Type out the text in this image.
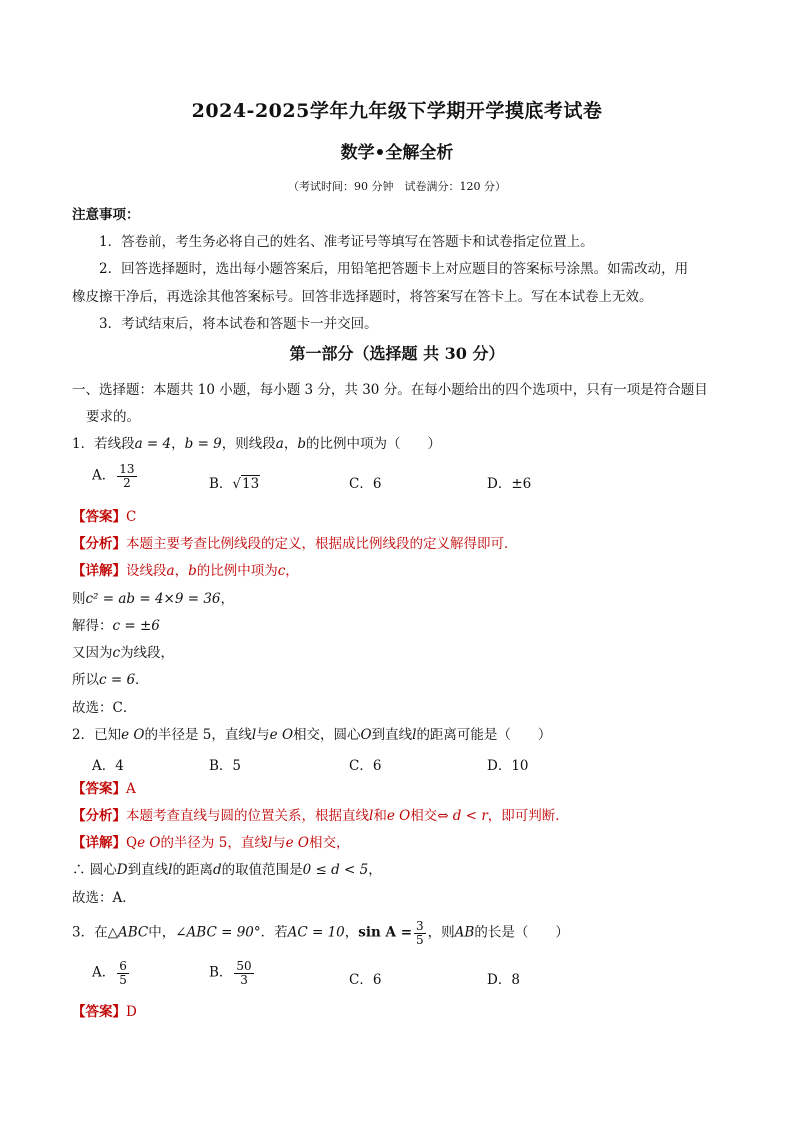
2024-2025学年九年级下学期开学摸底考试卷
数学•全解全析
（考试时间：90 分钟　试卷满分：120 分）
注意事项：
1．答卷前，考生务必将自己的姓名、准考证号等填写在答题卡和试卷指定位置上。
2．回答选择题时，选出每小题答案后，用铅笔把答题卡上对应题目的答案标号涂黑。如需改动，用
橡皮擦干净后，再选涂其他答案标号。回答非选择题时，将答案写在答卡上。写在本试卷上无效。
3．考试结束后，将本试卷和答题卡一并交回。
第一部分（选择题 共 30 分）
一、选择题：本题共 10 小题，每小题 3 分，共 30 分。在每小题给出的四个选项中，只有一项是符合题目
要求的。
1．若线段a = 4，b = 9，则线段a，b的比例中项为（　　）
A． $\frac{13}{2}$	B．√13	C．6	D．±6
【答案】C
【分析】本题主要考查比例线段的定义，根据成比例线段的定义解得即可．
【详解】设线段a，b的比例中项为c，
则c² = ab = 4×9 = 36，
解得：c = ±6
又因为c为线段，
所以c = 6．
故选：C．
2．已知e O的半径是 5，直线l与e O相交，圆心O到直线l的距离可能是（　　）
A．4	B．5	C．6	D．10
【答案】A
【分析】本题考查直线与圆的位置关系，根据直线l和e O相交⇔ d < r，即可判断．
【详解】Qe O的半径为 5，直线l与e O相交，
∴ 圆心D到直线l的距离d的取值范围是0 ≤ d < 5，
故选：A．
3．在△ABC中，∠ABC = 90°．若AC = 10，$\sin A = \frac{3}{5}$ ，则AB的长是（　　）
A． $\frac{6}{5}$	B． $\frac{50}{3}$	C．6	D．8
【答案】D
